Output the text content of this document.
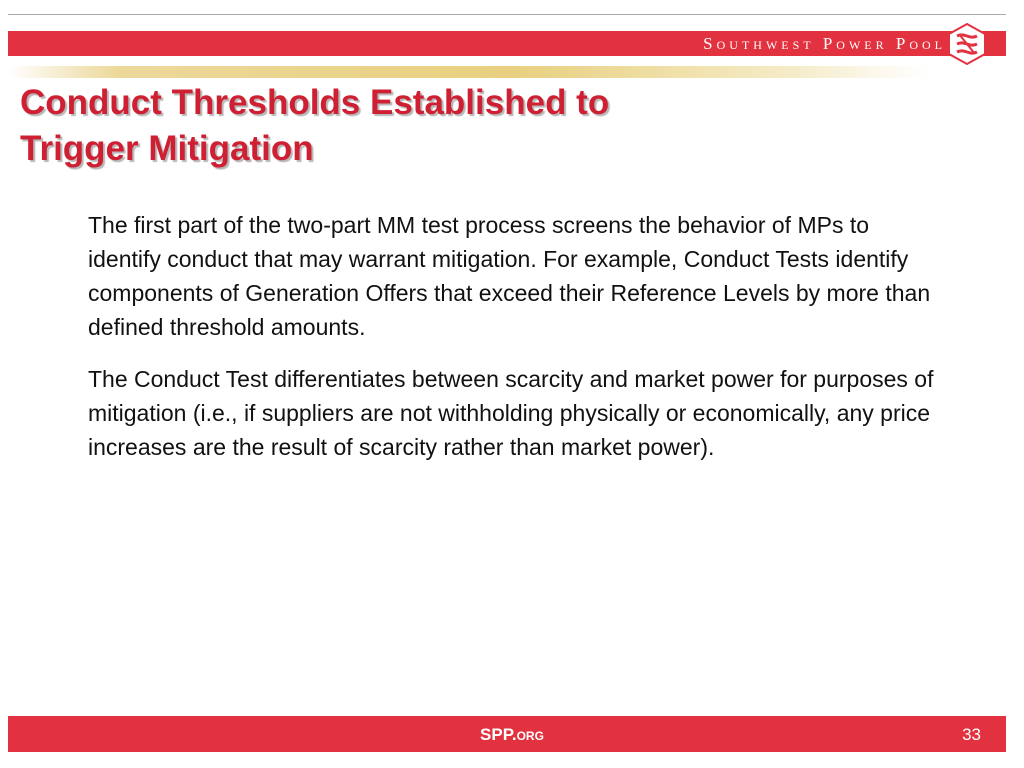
Southwest Power Pool
Conduct Thresholds Established to
Trigger Mitigation

The first part of the two-part MM test process screens the behavior of MPs to identify conduct that may warrant mitigation. For example, Conduct Tests identify components of Generation Offers that exceed their Reference Levels by more than defined threshold amounts.

The Conduct Test differentiates between scarcity and market power for purposes of mitigation (i.e., if suppliers are not withholding physically or economically, any price increases are the result of scarcity rather than market power).

SPP.org	33
